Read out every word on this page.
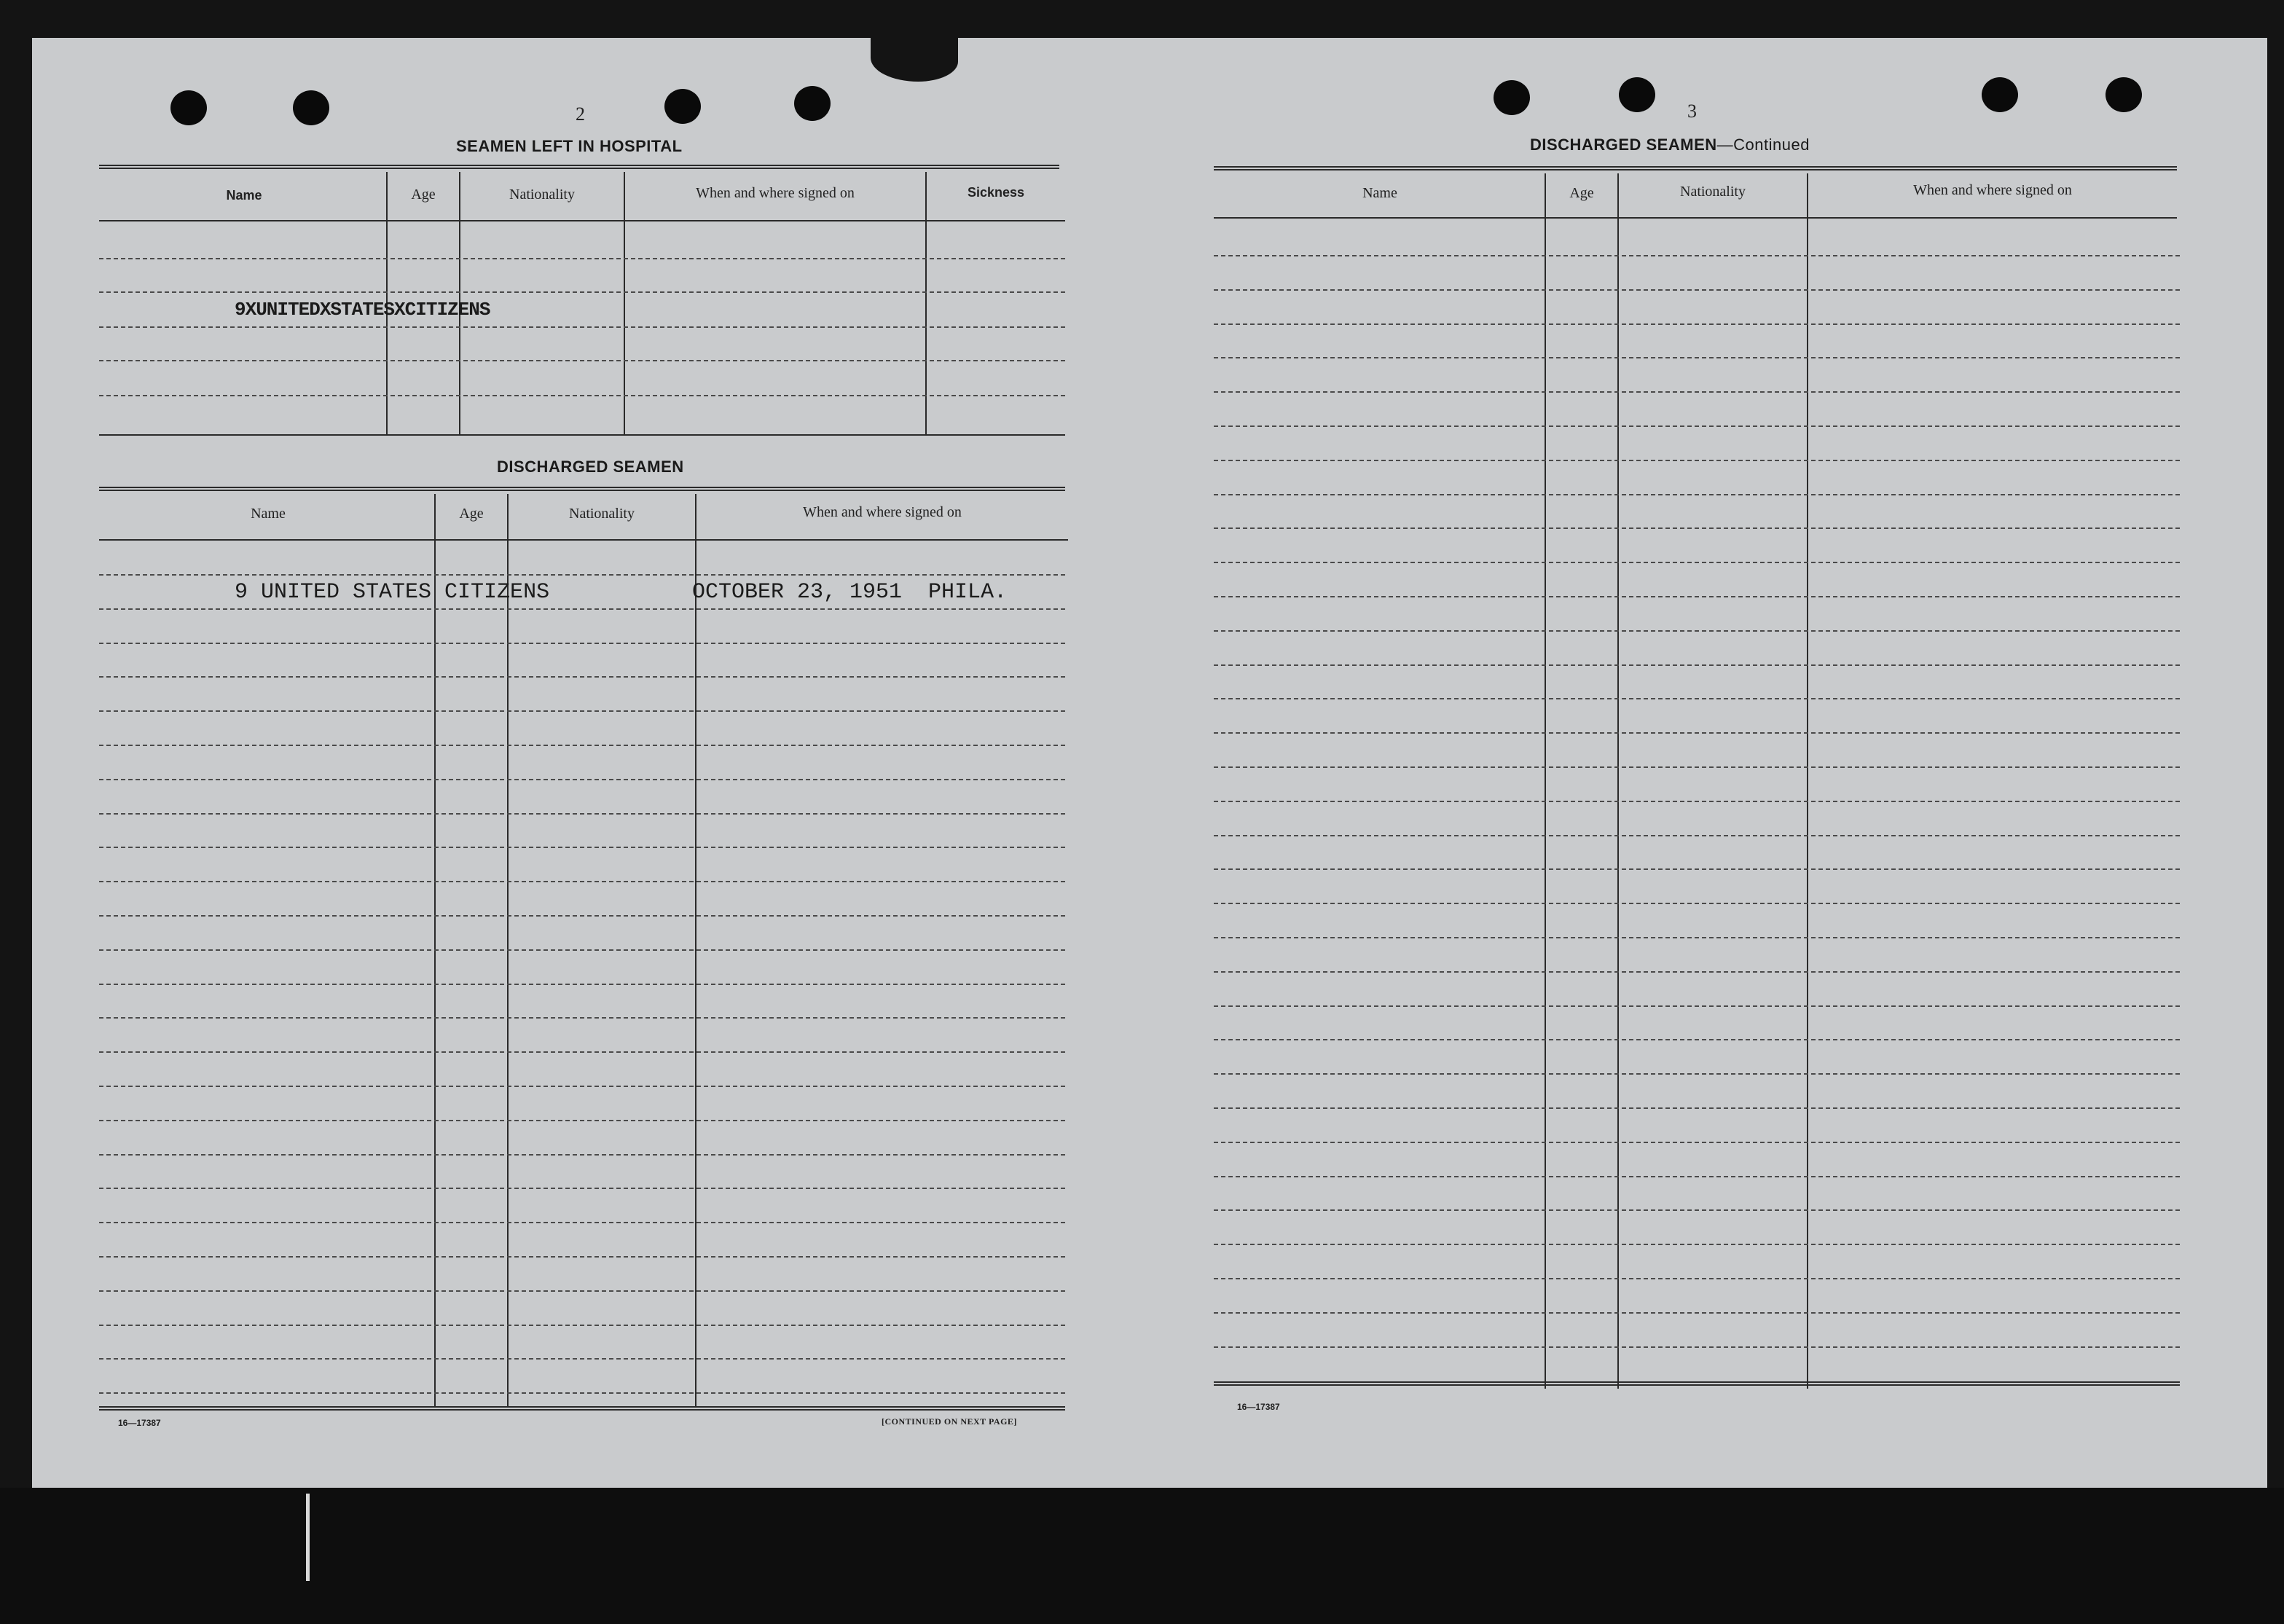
2
SEAMEN LEFT IN HOSPITAL
Name	Age	Nationality	When and where signed on	Sickness
9XUNITEDXSTATESXCITIZENS
DISCHARGED SEAMEN
Name	Age	Nationality	When and where signed on
9 UNITED STATES CITIZENS	OCTOBER 23, 1951  PHILA.
16—17387	[CONTINUED ON NEXT PAGE]
3
DISCHARGED SEAMEN—Continued
Name	Age	Nationality	When and where signed on
16—17387
